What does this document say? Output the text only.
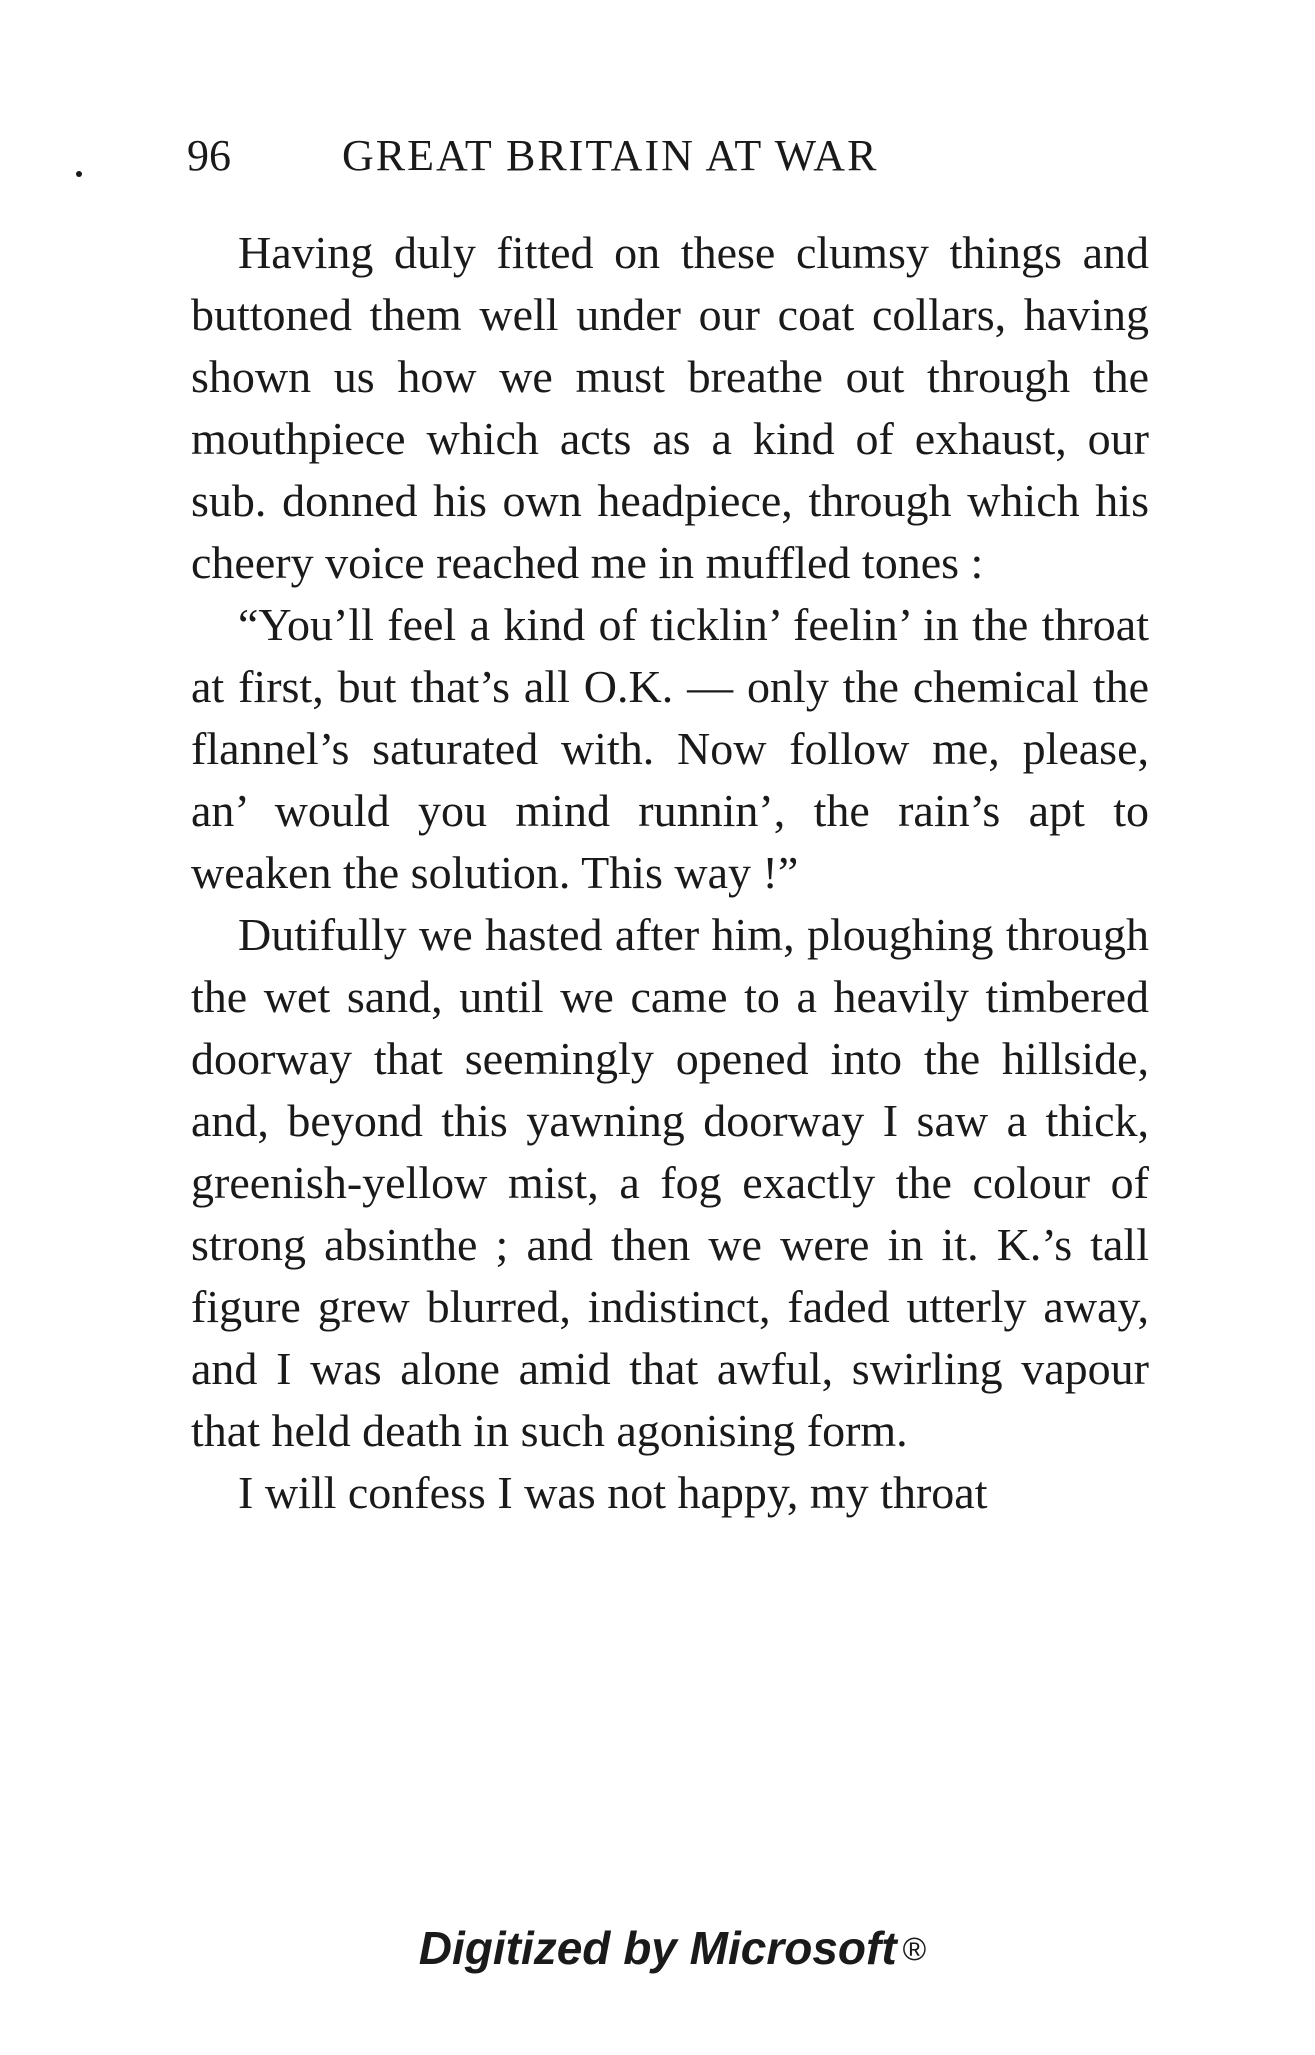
96	GREAT BRITAIN AT WAR

Having duly fitted on these clumsy things and buttoned them well under our coat collars, having shown us how we must breathe out through the mouthpiece which acts as a kind of exhaust, our sub. donned his own headpiece, through which his cheery voice reached me in muffled tones :

“You’ll feel a kind of ticklin’ feelin’ in the throat at first, but that’s all O.K. — only the chemical the flannel’s saturated with. Now follow me, please, an’ would you mind runnin’, the rain’s apt to weaken the solution. This way !”

Dutifully we hasted after him, ploughing through the wet sand, until we came to a heavily timbered doorway that seemingly opened into the hillside, and, beyond this yawning doorway I saw a thick, greenish-yellow mist, a fog exactly the colour of strong absinthe ; and then we were in it. K.’s tall figure grew blurred, indistinct, faded utterly away, and I was alone amid that awful, swirling vapour that held death in such agonising form.

I will confess I was not happy, my throat

Digitized by Microsoft ®
